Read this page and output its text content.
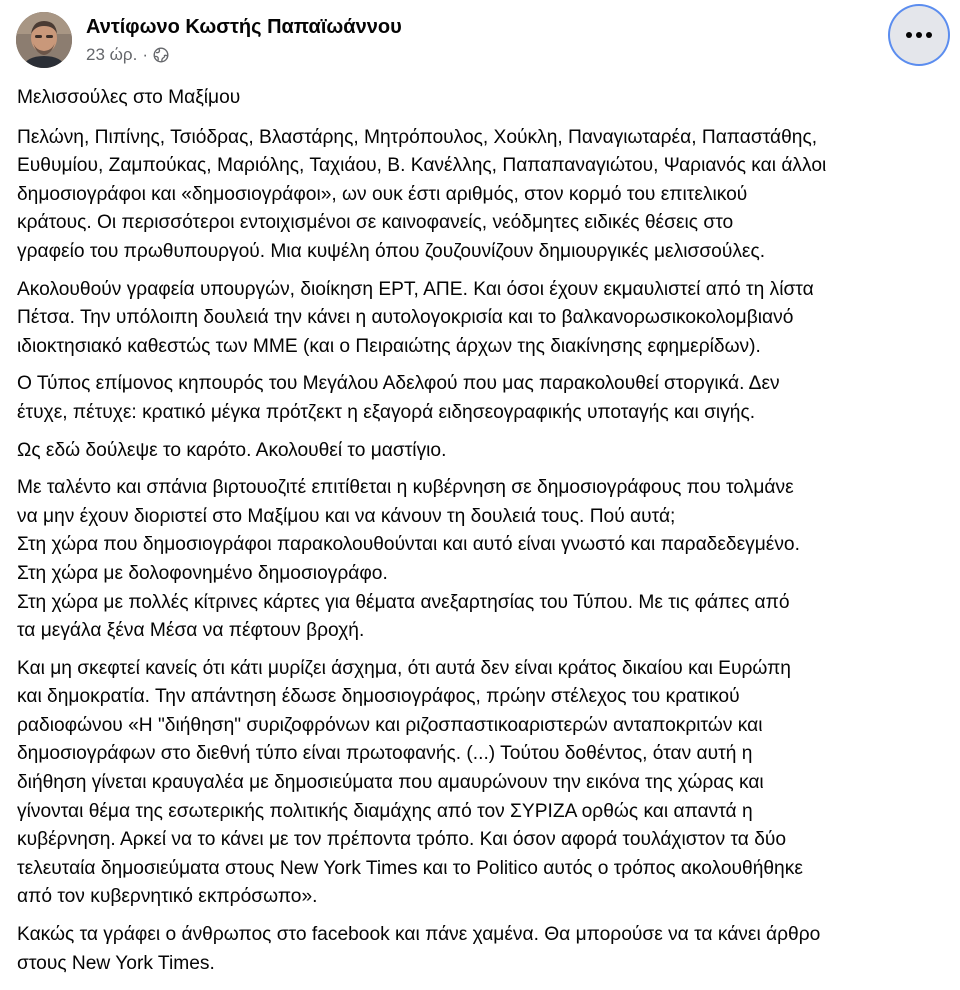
Αντίφωνο Κωστής Παπαϊωάννου
23 ώρ. ·

Μελισσούλες στο Μαξίμου

Πελώνη, Πιπίνης, Τσιόδρας, Βλαστάρης, Μητρόπουλος, Χούκλη, Παναγιωταρέα, Παπαστάθης,
Ευθυμίου, Ζαμπούκας, Μαριόλης, Ταχιάου, Β. Κανέλλης, Παπαπαναγιώτου, Ψαριανός και άλλοι
δημοσιογράφοι και «δημοσιογράφοι», ων ουκ έστι αριθμός, στον κορμό του επιτελικού
κράτους. Οι περισσότεροι εντοιχισμένοι σε καινοφανείς, νεόδμητες ειδικές θέσεις στο
γραφείο του πρωθυπουργού. Μια κυψέλη όπου ζουζουνίζουν δημιουργικές μελισσούλες.

Ακολουθούν γραφεία υπουργών, διοίκηση ΕΡΤ, ΑΠΕ. Και όσοι έχουν εκμαυλιστεί από τη λίστα
Πέτσα. Την υπόλοιπη δουλειά την κάνει η αυτολογοκρισία και το βαλκανορωσικοκολομβιανό
ιδιοκτησιακό καθεστώς των ΜΜΕ (και ο Πειραιώτης άρχων της διακίνησης εφημερίδων).

Ο Τύπος επίμονος κηπουρός του Μεγάλου Αδελφού που μας παρακολουθεί στοργικά. Δεν
έτυχε, πέτυχε: κρατικό μέγκα πρότζεκτ η εξαγορά ειδησεογραφικής υποταγής και σιγής.

Ως εδώ δούλεψε το καρότο. Ακολουθεί το μαστίγιο.

Με ταλέντο και σπάνια βιρτουοζιτέ επιτίθεται η κυβέρνηση σε δημοσιογράφους που τολμάνε
να μην έχουν διοριστεί στο Μαξίμου και να κάνουν τη δουλειά τους. Πού αυτά;
Στη χώρα που δημοσιογράφοι παρακολουθούνται και αυτό είναι γνωστό και παραδεδεγμένο.
Στη χώρα με δολοφονημένο δημοσιογράφο.
Στη χώρα με πολλές κίτρινες κάρτες για θέματα ανεξαρτησίας του Τύπου. Με τις φάπες από
τα μεγάλα ξένα Μέσα να πέφτουν βροχή.

Και μη σκεφτεί κανείς ότι κάτι μυρίζει άσχημα, ότι αυτά δεν είναι κράτος δικαίου και Ευρώπη
και δημοκρατία. Την απάντηση έδωσε δημοσιογράφος, πρώην στέλεχος του κρατικού
ραδιοφώνου «Η "διήθηση" συριζοφρόνων και ριζοσπαστικοαριστερών ανταποκριτών και
δημοσιογράφων στο διεθνή τύπο είναι πρωτοφανής. (...) Τούτου δοθέντος, όταν αυτή η
διήθηση γίνεται κραυγαλέα με δημοσιεύματα που αμαυρώνουν την εικόνα της χώρας και
γίνονται θέμα της εσωτερικής πολιτικής διαμάχης από τον ΣΥΡΙΖΑ ορθώς και απαντά η
κυβέρνηση. Αρκεί να το κάνει με τον πρέποντα τρόπο. Και όσον αφορά τουλάχιστον τα δύο
τελευταία δημοσιεύματα στους New York Times και το Politico αυτός ο τρόπος ακολουθήθηκε
από τον κυβερνητικό εκπρόσωπο».

Κακώς τα γράφει ο άνθρωπος στο facebook και πάνε χαμένα. Θα μπορούσε να τα κάνει άρθρο
στους New York Times.
